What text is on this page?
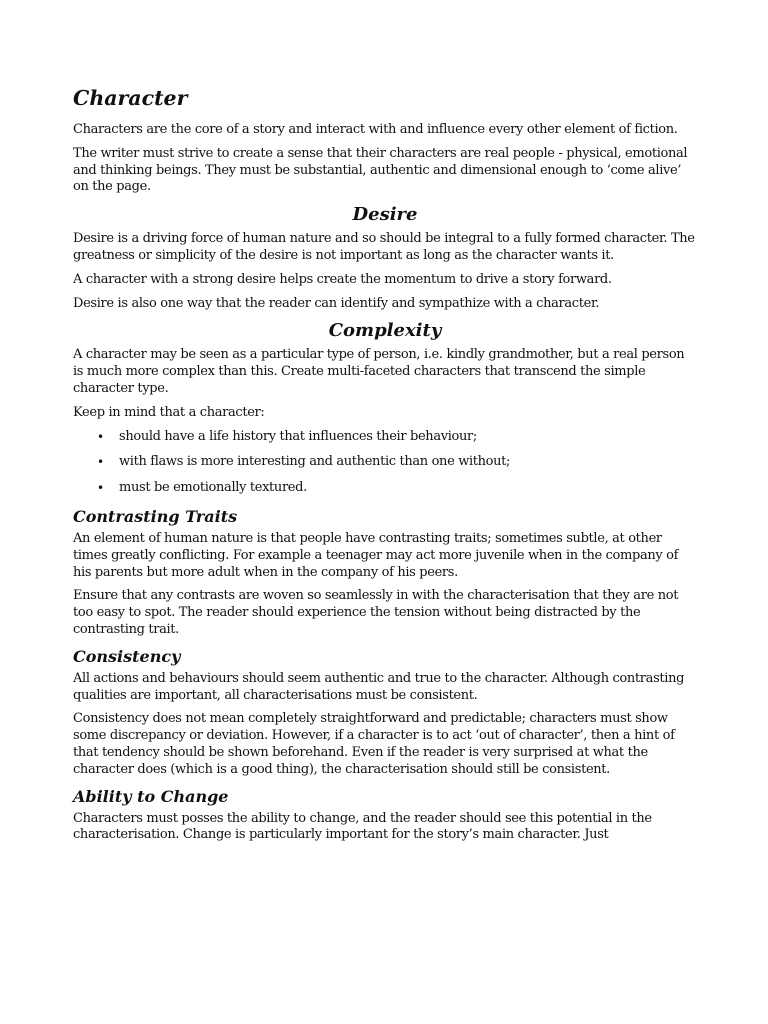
Character

Characters are the core of a story and interact with and influence every other element of fiction.

The writer must strive to create a sense that their characters are real people - physical, emotional and thinking beings. They must be substantial, authentic and dimensional enough to ‘come alive’ on the page.

Desire

Desire is a driving force of human nature and so should be integral to a fully formed character. The greatness or simplicity of the desire is not important as long as the character wants it.

A character with a strong desire helps create the momentum to drive a story forward.

Desire is also one way that the reader can identify and sympathize with a character.

Complexity

A character may be seen as a particular type of person, i.e. kindly grandmother, but a real person is much more complex than this. Create multi-faceted characters that transcend the simple character type.

Keep in mind that a character:

• should have a life history that influences their behaviour;
• with flaws is more interesting and authentic than one without;
• must be emotionally textured.
Contrasting Traits

An element of human nature is that people have contrasting traits; sometimes subtle, at other times greatly conflicting. For example a teenager may act more juvenile when in the company of his parents but more adult when in the company of his peers.

Ensure that any contrasts are woven so seamlessly in with the characterisation that they are not too easy to spot. The reader should experience the tension without being distracted by the contrasting trait.

Consistency

All actions and behaviours should seem authentic and true to the character. Although contrasting qualities are important, all characterisations must be consistent.

Consistency does not mean completely straightforward and predictable; characters must show some discrepancy or deviation. However, if a character is to act ‘out of character’, then a hint of that tendency should be shown beforehand. Even if the reader is very surprised at what the character does (which is a good thing), the characterisation should still be consistent.

Ability to Change

Characters must posses the ability to change, and the reader should see this potential in the characterisation. Change is particularly important for the story’s main character. Just
